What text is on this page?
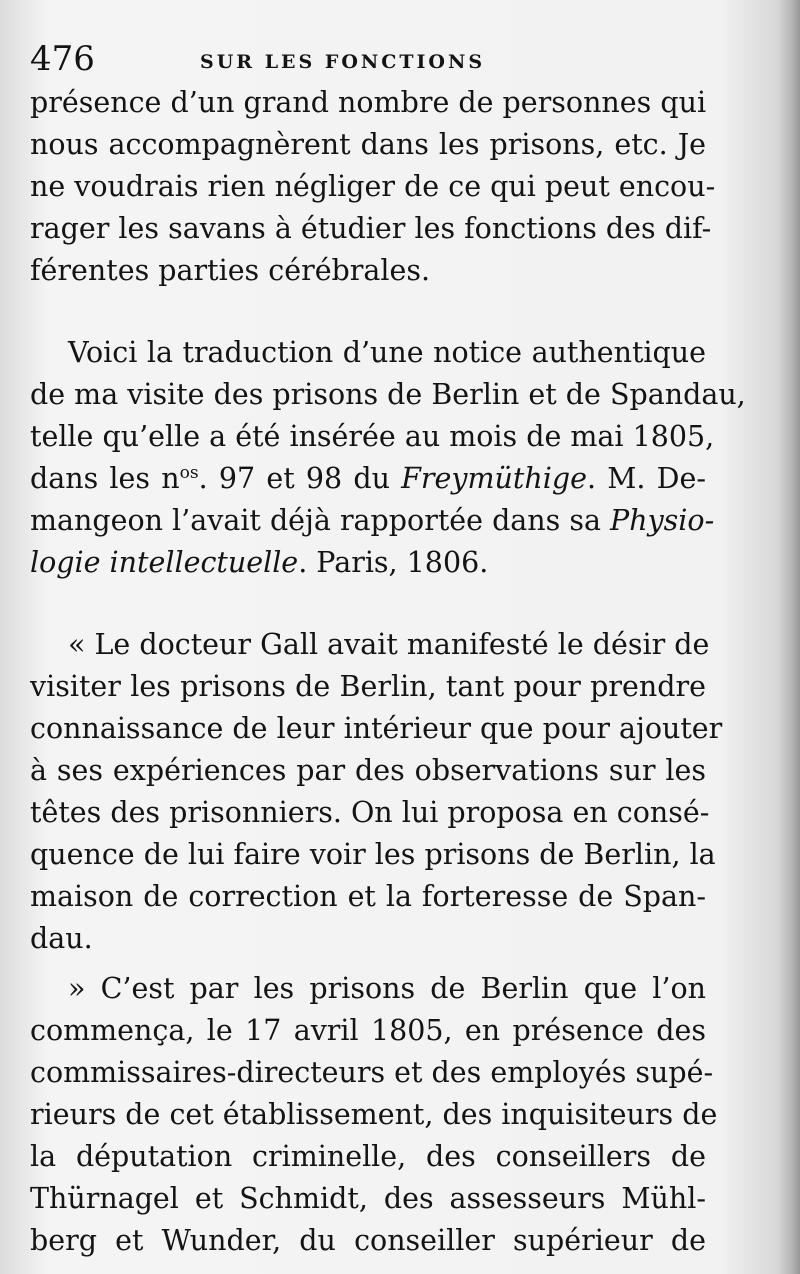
476	SUR LES FONCTIONS
présence d’un grand nombre de personnes qui
nous accompagnèrent dans les prisons, etc. Je
ne voudrais rien négliger de ce qui peut encou-
rager les savans à étudier les fonctions des dif-
férentes parties cérébrales.
Voici la traduction d’une notice authentique
de ma visite des prisons de Berlin et de Spandau,
telle qu’elle a été insérée au mois de mai 1805,
dans les $n^{os}$. 97 et 98 du Freymüthige. M. De-
mangeon l’avait déjà rapportée dans sa Physio-
logie intellectuelle. Paris, 1806.
« Le docteur Gall avait manifesté le désir de
visiter les prisons de Berlin, tant pour prendre
connaissance de leur intérieur que pour ajouter
à ses expériences par des observations sur les
têtes des prisonniers. On lui proposa en consé-
quence de lui faire voir les prisons de Berlin, la
maison de correction et la forteresse de Span-
dau.
» C’est par les prisons de Berlin que l’on
commença, le 17 avril 1805, en présence des
commissaires-directeurs et des employés supé-
rieurs de cet établissement, des inquisiteurs de
la députation criminelle, des conseillers de
Thürnagel et Schmidt, des assesseurs Mühl-
berg et Wunder, du conseiller supérieur de
